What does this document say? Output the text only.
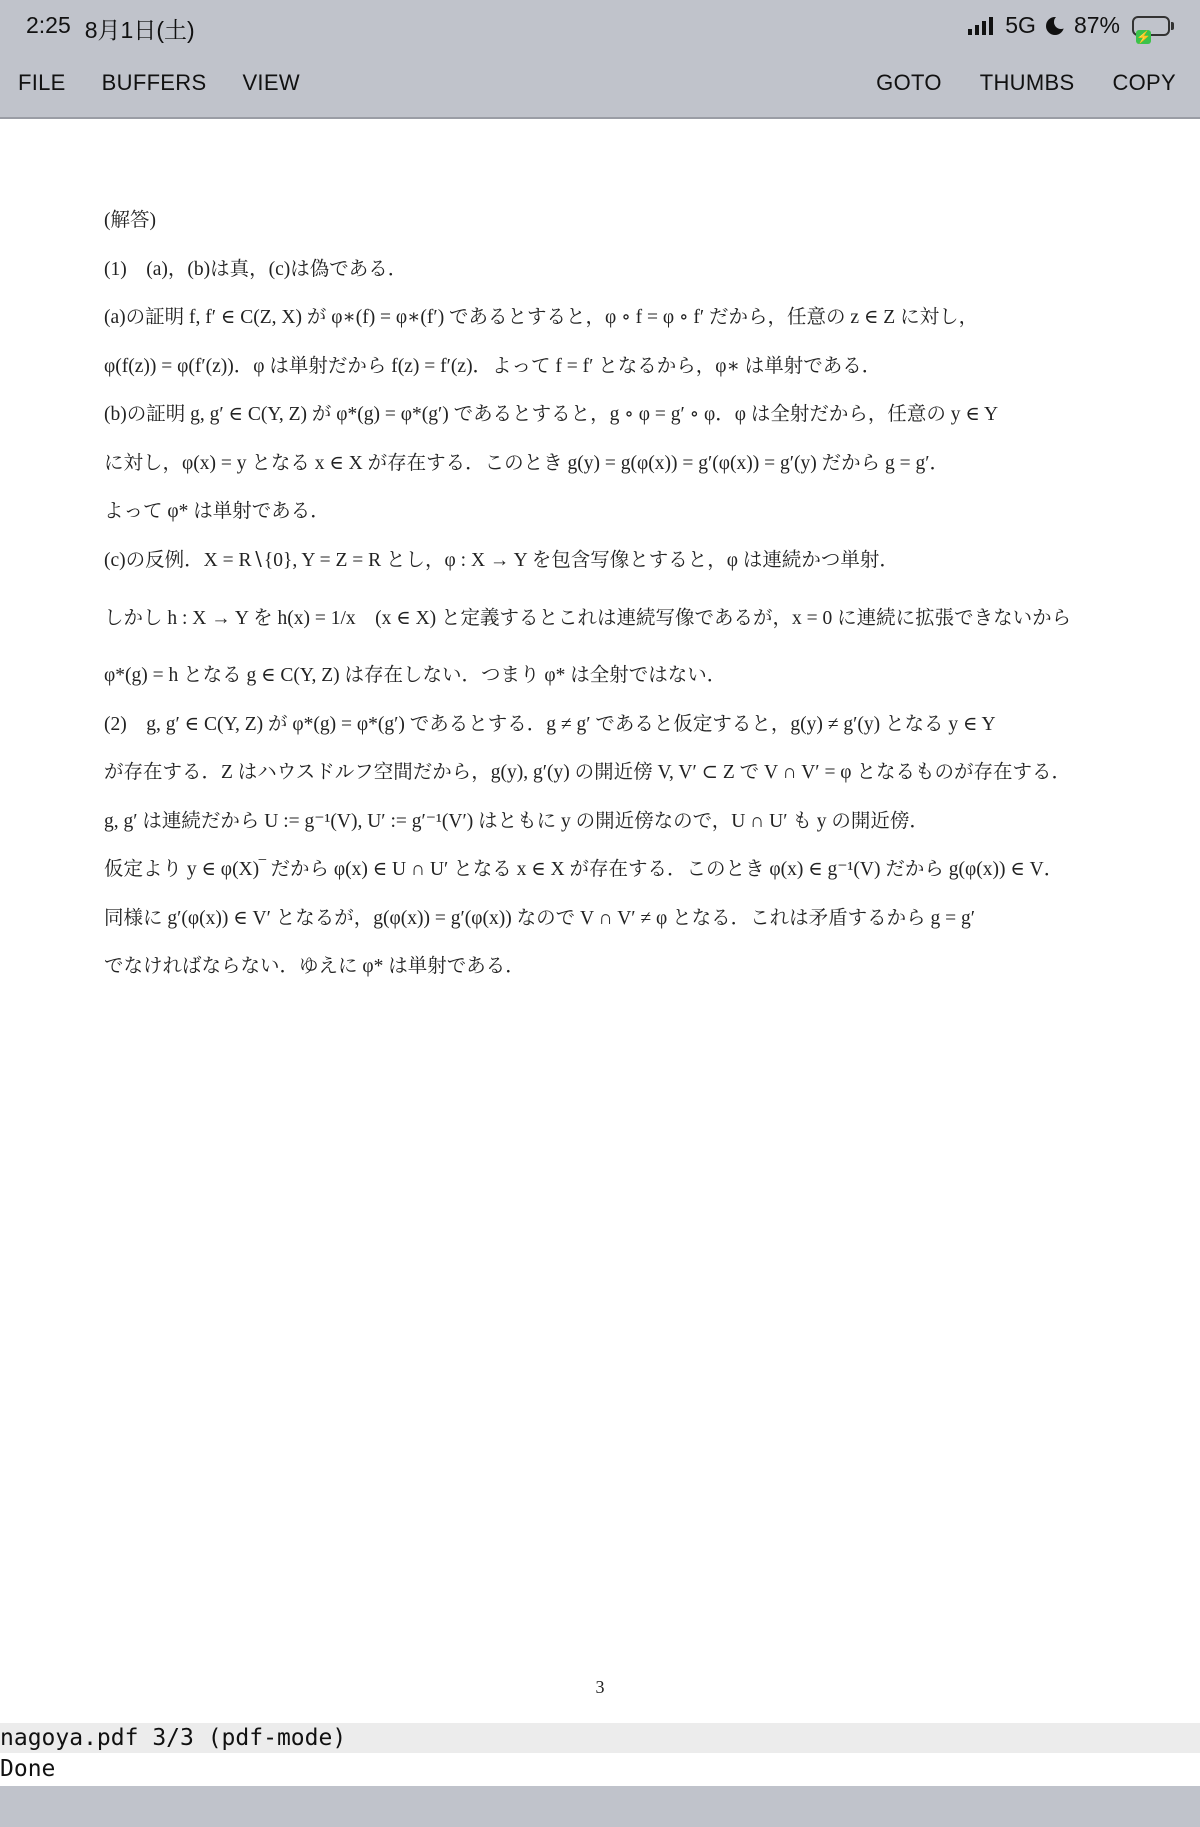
2:25 8月1日(土)	5G 87%	⚡
FILE BUFFERS VIEW	GOTO THUMBS COPY
(解答)
(1)　(a)，(b)は真，(c)は偽である．
(a)の証明 f, f′ ∈ C(Z, X) が φ∗(f) = φ∗(f′) であるとすると，φ ∘ f = φ ∘ f′ だから，任意の z ∈ Z に対し，
φ(f(z)) = φ(f′(z))．φ は単射だから f(z) = f′(z)．よって f = f′ となるから，φ∗ は単射である．
(b)の証明 g, g′ ∈ C(Y, Z) が φ*(g) = φ*(g′) であるとすると，g ∘ φ = g′ ∘ φ．φ は全射だから，任意の y ∈ Y
に対し，φ(x) = y となる x ∈ X が存在する．このとき g(y) = g(φ(x)) = g′(φ(x)) = g′(y) だから g = g′．
よって φ* は単射である．
(c)の反例．X = R∖{0}, Y = Z = R とし，φ : X → Y を包含写像とすると，φ は連続かつ単射．
しかし h : X → Y を h(x) = 1/x　(x ∈ X) と定義するとこれは連続写像であるが，x = 0 に連続に拡張できないから
φ*(g) = h となる g ∈ C(Y, Z) は存在しない．つまり φ* は全射ではない．
(2)　g, g′ ∈ C(Y, Z) が φ*(g) = φ*(g′) であるとする．g ≠ g′ であると仮定すると，g(y) ≠ g′(y) となる y ∈ Y
が存在する．Z はハウスドルフ空間だから，g(y), g′(y) の開近傍 V, V′ ⊂ Z で V ∩ V′ = φ となるものが存在する．
g, g′ は連続だから U := g⁻¹(V), U′ := g′⁻¹(V′) はともに y の開近傍なので，U ∩ U′ も y の開近傍．
仮定より y ∈ φ(X)‾ だから φ(x) ∈ U ∩ U′ となる x ∈ X が存在する．このとき φ(x) ∈ g⁻¹(V) だから g(φ(x)) ∈ V．
同様に g′(φ(x)) ∈ V′ となるが，g(φ(x)) = g′(φ(x)) なので V ∩ V′ ≠ φ となる．これは矛盾するから g = g′
でなければならない．ゆえに φ* は単射である．
3
nagoya.pdf 3/3 (pdf-mode)
Done
